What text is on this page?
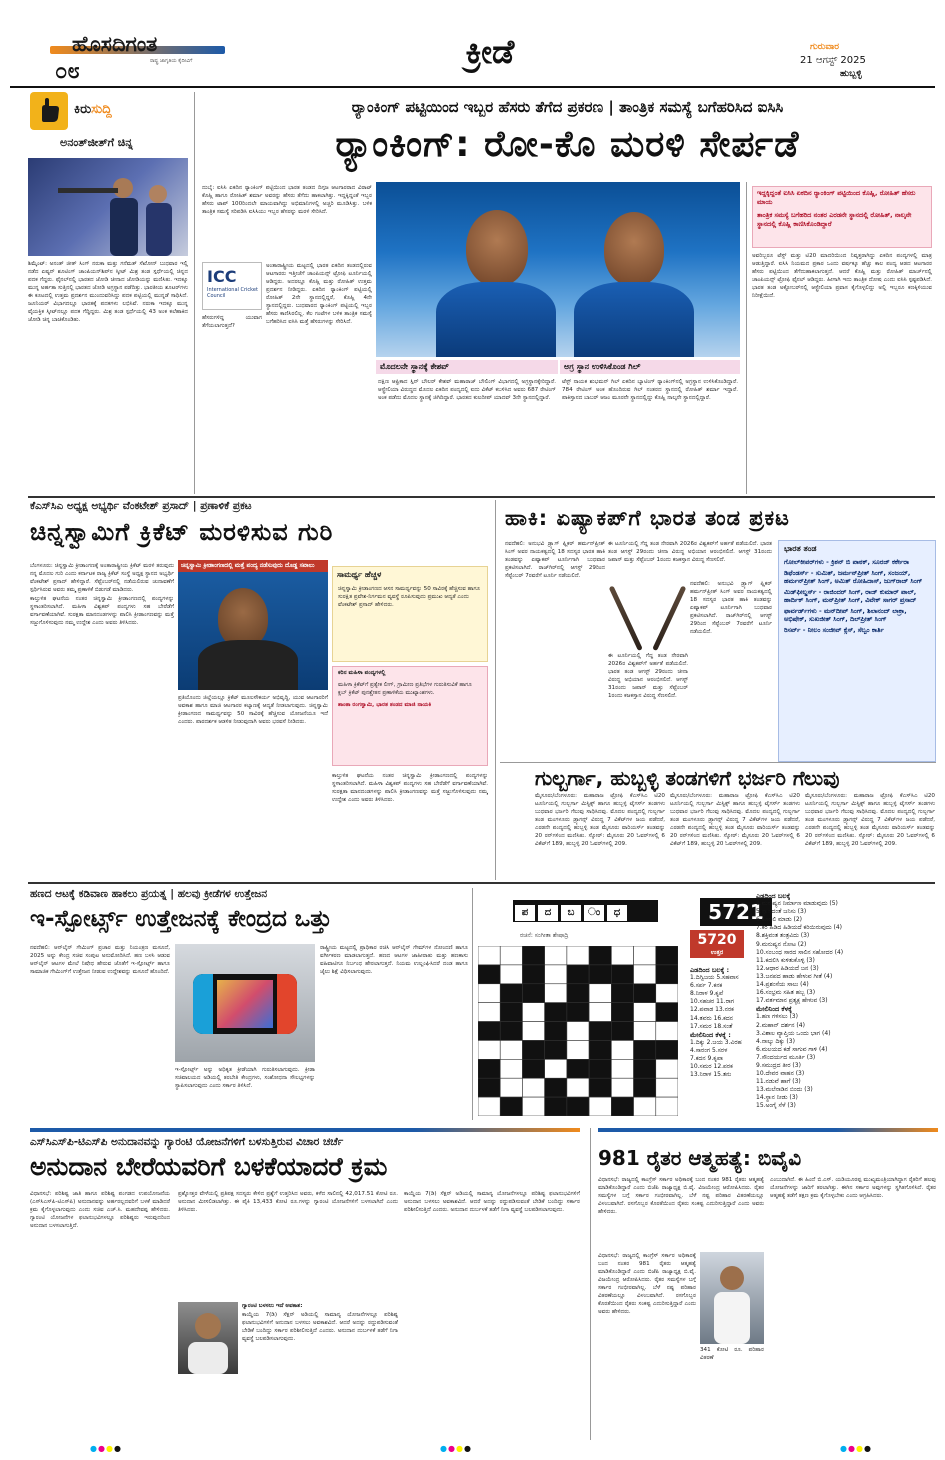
ಹೊಸದಿಗಂತ
ರಾಷ್ಟ್ರ ಜಾಗೃತಿಯ ಕೈದೀವಿಗೆ
೦೮
ಕ್ರೀಡೆ	ಗುರುವಾರ
21 ಆಗಸ್ಟ್ 2025
ಹುಬ್ಬಳ್ಳಿ
ಕಿರುಸುದ್ದಿ
ಅನಂತ್‌ಜೀತ್‌ಗೆ ಚಿನ್ನ
ಶಿಮ್ಕೆಂಟ್: ಅನಂತ್ ಜೀತ್ ಸಿಂಗ್ ನರುಕಾ ಮತ್ತು ಗನೆಮತ್ ಸೆಖೋನ್ ಬುಧವಾರ ಇಲ್ಲಿ ನಡೆದ ಏಷ್ಯನ್ ಶೂಟಿಂಗ್ ಚಾಂಪಿಯನ್‌ಶಿಪ್‌ನ ಸ್ಕೀಟ್ ಮಿಶ್ರ ತಂಡ ಸ್ಪರ್ಧೆಯಲ್ಲಿ ಚಿನ್ನದ ಪದಕ ಗೆದ್ದರು. ಫೈನಲ್‌ನಲ್ಲಿ ಭಾರತದ ಜೋಡಿ ಚೀನಾದ ಜೋಡಿಯನ್ನು ಮಣಿಸಿತು. ಇದಕ್ಕೂ ಮುನ್ನ ಅರ್ಹತಾ ಸುತ್ತಿನಲ್ಲಿ ಭಾರತದ ಜೋಡಿ ಅಗ್ರಸ್ಥಾನ ಪಡೆದಿತ್ತು. ಭಾರತೀಯ ಶೂಟರ್‌ಗಳು ಈ ಕೂಟದಲ್ಲಿ ಉತ್ತಮ ಪ್ರದರ್ಶನ ಮುಂದುವರಿಸಿದ್ದು ಪದಕ ಪಟ್ಟಿಯಲ್ಲಿ ಮುನ್ನಡೆ ಸಾಧಿಸಿದೆ. ಜೂನಿಯರ್ ವಿಭಾಗದಲ್ಲೂ ಭಾರತಕ್ಕೆ ಪದಕಗಳು ಲಭಿಸಿವೆ. ನರುಕಾ ಇದಕ್ಕೂ ಮುನ್ನ ವೈಯಕ್ತಿಕ ಸ್ಕೀಟ್‌ನಲ್ಲೂ ಪದಕ ಗೆದ್ದಿದ್ದರು. ಮಿಶ್ರ ತಂಡ ಸ್ಪರ್ಧೆಯಲ್ಲಿ 43 ಅಂಕ ಕಲೆಹಾಕಿದ ಜೋಡಿ ಚಿನ್ನ ಬಾಚಿಕೊಂಡಿತು.
ರ‍್ಯಾಂಕಿಂಗ್ ಪಟ್ಟಿಯಿಂದ ಇಬ್ಬರ ಹೆಸರು ತೆಗೆದ ಪ್ರಕರಣ | ತಾಂತ್ರಿಕ ಸಮಸ್ಯೆ ಬಗೆಹರಿಸಿದ ಐಸಿಸಿ
ರ‍್ಯಾಂಕಿಂಗ್: ರೋ-ಕೊ ಮರಳಿ ಸೇರ್ಪಡೆ
ದುಬೈ: ಐಸಿಸಿ ಏಕದಿನ ರ‍್ಯಾಂಕಿಂಗ್ ಪಟ್ಟಿಯಿಂದ ಭಾರತ ತಂಡದ ದಿಗ್ಗಜ ಆಟಗಾರರಾದ ವಿರಾಟ್ ಕೊಹ್ಲಿ ಹಾಗೂ ರೋಹಿತ್ ಶರ್ಮಾ ಅವರನ್ನು ಹೆಸರು ತೆಗೆದು ಹಾಕಲಾಗಿತ್ತು. ಇದ್ದಕ್ಕಿದ್ದಂತೆ ಇಬ್ಬರ ಹೆಸರು ಟಾಪ್ 100ರಿಂದಲೇ ಮಾಯವಾಗಿದ್ದು ಅಭಿಮಾನಿಗಳಲ್ಲಿ ಅಚ್ಚರಿ ಮೂಡಿಸಿತ್ತು. ಬಳಿಕ ತಾಂತ್ರಿಕ ಸಮಸ್ಯೆ ಸರಿಪಡಿಸಿ ಐಸಿಸಿಯು ಇಬ್ಬರ ಹೆಸರನ್ನು ಮರಳಿ ಸೇರಿಸಿದೆ.
ICC
International Cricket Council
ಅಂತಾರಾಷ್ಟ್ರೀಯ ಮಟ್ಟದಲ್ಲಿ ಭಾರತ ಏಕದಿನ ತಂಡದಲ್ಲಿರುವ ಆಟಗಾರರು ಇತ್ತೀಚೆಗೆ ಚಾಂಪಿಯನ್ಸ್ ಟ್ರೋಫಿ ಟೂರ್ನಿಯಲ್ಲಿ ಆಡಿದ್ದರು. ಅದರಲ್ಲೂ ಕೊಹ್ಲಿ ಮತ್ತು ರೋಹಿತ್ ಉತ್ತಮ ಪ್ರದರ್ಶನ ನೀಡಿದ್ದರು. ಏಕದಿನ ರ‍್ಯಾಂಕಿಂಗ್ ಪಟ್ಟಿಯಲ್ಲಿ ರೋಹಿತ್ 2ನೇ ಸ್ಥಾನದಲ್ಲಿದ್ದರೆ, ಕೊಹ್ಲಿ 4ನೇ ಸ್ಥಾನದಲ್ಲಿದ್ದರು. ಬುಧವಾರದ ರ‍್ಯಾಂಕಿಂಗ್ ಪಟ್ಟಿಯಲ್ಲಿ ಇಬ್ಬರ ಹೆಸರು ಕಾಣಿಸಿರಲಿಲ್ಲ. ಕೆಲ ಗಂಟೆಗಳ ಬಳಿಕ ತಾಂತ್ರಿಕ ಸಮಸ್ಯೆ ಬಗೆಹರಿಸಿದ ಐಸಿಸಿ ಮತ್ತೆ ಹೆಸರುಗಳನ್ನು ಸೇರಿಸಿದೆ.
ಹೆಸರುಗಳಿದ್ದ ಯುವಾಗ ತೆಗೆಯಲಾಗುತ್ತದೆ?
ಮೊದಲನೇ ಸ್ಥಾನಕ್ಕೆ ಕೇಶವ್	ಅಗ್ರ ಸ್ಥಾನ ಉಳಿಸಿಕೊಂಡ ಗಿಲ್
ದಕ್ಷಿಣ ಆಫ್ರಿಕಾದ ಸ್ಪಿನ್ ಬೌಲರ್ ಕೇಶವ್ ಮಹಾರಾಜ್ ಬೌಲಿಂಗ್ ವಿಭಾಗದಲ್ಲಿ ಅಗ್ರಸ್ಥಾನಕ್ಕೇರಿದ್ದಾರೆ. ಆಸ್ಟ್ರೇಲಿಯಾ ವಿರುದ್ಧದ ಮೊದಲ ಏಕದಿನ ಪಂದ್ಯದಲ್ಲಿ ಐದು ವಿಕೆಟ್ ಕಬಳಿಸಿದ ಅವರು 687 ರೇಟಿಂಗ್ ಅಂಕ ಪಡೆದು ಮೊದಲ ಸ್ಥಾನಕ್ಕೆ ಜಿಗಿದಿದ್ದಾರೆ. ಭಾರತದ ಕುಲದೀಪ್ ಯಾದವ್ 3ನೇ ಸ್ಥಾನದಲ್ಲಿದ್ದಾರೆ.
ಟೆಸ್ಟ್ ನಾಯಕ ಶುಭಮನ್ ಗಿಲ್ ಏಕದಿನ ಬ್ಯಾಟಿಂಗ್ ರ‍್ಯಾಂಕಿಂಗ್‌ನಲ್ಲಿ ಅಗ್ರಸ್ಥಾನ ಉಳಿಸಿಕೊಂಡಿದ್ದಾರೆ. 784 ರೇಟಿಂಗ್ ಅಂಕ ಹೊಂದಿರುವ ಗಿಲ್ ನಂತರದ ಸ್ಥಾನದಲ್ಲಿ ರೋಹಿತ್ ಶರ್ಮಾ ಇದ್ದಾರೆ. ಪಾಕಿಸ್ತಾನದ ಬಾಬರ್ ಆಜಂ ಮೂರನೇ ಸ್ಥಾನದಲ್ಲಿದ್ದು ಕೊಹ್ಲಿ ನಾಲ್ಕನೇ ಸ್ಥಾನದಲ್ಲಿದ್ದಾರೆ.
ಇದ್ದಕ್ಕಿದ್ದಂತೆ ಐಸಿಸಿ ಏಕದಿನ ರ‍್ಯಾಂಕಿಂಗ್ ಪಟ್ಟಿಯಿಂದ ಕೊಹ್ಲಿ, ರೋಹಿತ್ ಹೆಸರು ಮಾಯ
ತಾಂತ್ರಿಕ ಸಮಸ್ಯೆ ಬಗೆಹರಿದ ನಂತರ ಎರಡನೇ ಸ್ಥಾನದಲ್ಲಿ ರೋಹಿತ್, ನಾಲ್ಕನೇ ಸ್ಥಾನದಲ್ಲಿ ಕೊಹ್ಲಿ ಕಾಣಿಸಿಕೊಂಡಿದ್ದಾರೆ
ಅವರಿಬ್ಬರೂ ಟೆಸ್ಟ್ ಮತ್ತು ಟಿ20 ಮಾದರಿಯಿಂದ ನಿವೃತ್ತರಾಗಿದ್ದು ಏಕದಿನ ಪಂದ್ಯಗಳಲ್ಲಿ ಮಾತ್ರ ಆಡುತ್ತಿದ್ದಾರೆ. ಐಸಿಸಿ ನಿಯಮದ ಪ್ರಕಾರ ಒಂದು ವರ್ಷಕ್ಕೂ ಹೆಚ್ಚು ಕಾಲ ಪಂದ್ಯ ಆಡದ ಆಟಗಾರರ ಹೆಸರು ಪಟ್ಟಿಯಿಂದ ತೆಗೆದುಹಾಕಲಾಗುತ್ತದೆ. ಆದರೆ ಕೊಹ್ಲಿ ಮತ್ತು ರೋಹಿತ್ ಮಾರ್ಚ್‌ನಲ್ಲಿ ಚಾಂಪಿಯನ್ಸ್ ಟ್ರೋಫಿ ಫೈನಲ್ ಆಡಿದ್ದರು. ಹೀಗಾಗಿ ಇದು ತಾಂತ್ರಿಕ ದೋಷ ಎಂದು ಐಸಿಸಿ ಸ್ಪಷ್ಟಪಡಿಸಿದೆ. ಭಾರತ ತಂಡ ಅಕ್ಟೋಬರ್‌ನಲ್ಲಿ ಆಸ್ಟ್ರೇಲಿಯಾ ಪ್ರವಾಸ ಕೈಗೊಳ್ಳಲಿದ್ದು ಅಲ್ಲಿ ಇಬ್ಬರೂ ಕಣಕ್ಕಿಳಿಯುವ ನಿರೀಕ್ಷೆಯಿದೆ.
ಕೆಎಸ್‌ಸಿಎ ಅಧ್ಯಕ್ಷ ಅಭ್ಯರ್ಥಿ ವೆಂಕಟೇಶ್ ಪ್ರಸಾದ್ | ಪ್ರಣಾಳಿಕೆ ಪ್ರಕಟ
ಚಿನ್ನಸ್ವಾಮಿಗೆ ಕ್ರಿಕೆಟ್ ಮರಳಿಸುವ ಗುರಿ

ಬೆಂಗಳೂರು: ಚಿನ್ನಸ್ವಾಮಿ ಕ್ರೀಡಾಂಗಣಕ್ಕೆ ಅಂತಾರಾಷ್ಟ್ರೀಯ ಕ್ರಿಕೆಟ್ ಮರಳಿ ತರುವುದು ನನ್ನ ಮೊದಲ ಗುರಿ ಎಂದು ಕರ್ನಾಟಕ ರಾಜ್ಯ ಕ್ರಿಕೆಟ್ ಸಂಸ್ಥೆ ಅಧ್ಯಕ್ಷ ಸ್ಥಾನದ ಅಭ್ಯರ್ಥಿ ವೆಂಕಟೇಶ್ ಪ್ರಸಾದ್ ಹೇಳಿದ್ದಾರೆ. ಸೆಪ್ಟೆಂಬರ್‌ನಲ್ಲಿ ನಡೆಯಲಿರುವ ಚುನಾವಣೆಗೆ ಸ್ಪರ್ಧಿಸಿರುವ ಅವರು ತಮ್ಮ ಪ್ರಣಾಳಿಕೆ ಬಿಡುಗಡೆ ಮಾಡಿದರು.

ಕಾಲ್ತುಳಿತ ಘಟನೆಯ ನಂತರ ಚಿನ್ನಸ್ವಾಮಿ ಕ್ರೀಡಾಂಗಣದಲ್ಲಿ ಪಂದ್ಯಗಳನ್ನು ಸ್ಥಳಾಂತರಿಸಲಾಗಿದೆ. ಮಹಿಳಾ ವಿಶ್ವಕಪ್ ಪಂದ್ಯಗಳು ಸಹ ಬೇರೆಡೆಗೆ ವರ್ಗಾವಣೆಯಾಗಿವೆ. ಸುರಕ್ಷತಾ ಮಾನದಂಡಗಳನ್ನು ಪಾಲಿಸಿ ಕ್ರೀಡಾಂಗಣವನ್ನು ಮತ್ತೆ ಸಜ್ಜುಗೊಳಿಸುವುದು ನಮ್ಮ ಉದ್ದೇಶ ಎಂದು ಅವರು ತಿಳಿಸಿದರು.

ಚಿನ್ನಸ್ವಾಮಿ ಕ್ರೀಡಾಂಗಣದಲ್ಲಿ ಮತ್ತೆ ಪಂದ್ಯ ನಡೆಸುವುದು ದೊಡ್ಡ ಸವಾಲು
ಪ್ರತಿಯೊಂದು ಜಿಲ್ಲೆಯಲ್ಲೂ ಕ್ರಿಕೆಟ್ ಮೂಲಸೌಕರ್ಯ ಅಭಿವೃದ್ಧಿ, ಯುವ ಆಟಗಾರರಿಗೆ ಅವಕಾಶ ಹಾಗೂ ಮಾಜಿ ಆಟಗಾರರ ಕಲ್ಯಾಣಕ್ಕೆ ಆದ್ಯತೆ ನೀಡಲಾಗುವುದು. ಚಿನ್ನಸ್ವಾಮಿ ಕ್ರೀಡಾಂಗಣದ ಸಾಮರ್ಥ್ಯವನ್ನು 50 ಸಾವಿರಕ್ಕೆ ಹೆಚ್ಚಿಸುವ ಯೋಜನೆಯೂ ಇದೆ ಎಂದರು. ಪಾರದರ್ಶಕ ಆಡಳಿತ ನೀಡುವುದಾಗಿ ಅವರು ಭರವಸೆ ನೀಡಿದರು.
ಸಾಮರ್ಥ್ಯ ಹೆಚ್ಚಳ
ಚಿನ್ನಸ್ವಾಮಿ ಕ್ರೀಡಾಂಗಣದ ಆಸನ ಸಾಮರ್ಥ್ಯವನ್ನು 50 ಸಾವಿರಕ್ಕೆ ಹೆಚ್ಚಿಸುವ ಹಾಗೂ ಸುರಕ್ಷಿತ ಪ್ರವೇಶ-ನಿರ್ಗಮನ ವ್ಯವಸ್ಥೆ ರೂಪಿಸುವುದು ಪ್ರಮುಖ ಆದ್ಯತೆ ಎಂದು ವೆಂಕಟೇಶ್ ಪ್ರಸಾದ್ ಹೇಳಿದರು.
ಕರಿನ ಮಹಿಳಾ ಪಂದ್ಯಗಳಲ್ಲಿ
ಮಹಿಳಾ ಕ್ರಿಕೆಟ್‌ಗೆ ಪ್ರತ್ಯೇಕ ಲೀಗ್, ಗ್ರಾಮೀಣ ಪ್ರತಿಭೆಗಳ ಗುರುತಿಸುವಿಕೆ ಹಾಗೂ ಕ್ಲಬ್ ಕ್ರಿಕೆಟ್ ಪುನಶ್ಚೇತನ ಪ್ರಣಾಳಿಕೆಯ ಮುಖ್ಯಾಂಶಗಳು.
ಶಾಂತಾ ರಂಗಸ್ವಾಮಿ, ಭಾರತ ತಂಡದ ಮಾಜಿ ನಾಯಕಿ
ಕಾಲ್ತುಳಿತ ಘಟನೆಯ ನಂತರ ಚಿನ್ನಸ್ವಾಮಿ ಕ್ರೀಡಾಂಗಣದಲ್ಲಿ ಪಂದ್ಯಗಳನ್ನು ಸ್ಥಳಾಂತರಿಸಲಾಗಿದೆ. ಮಹಿಳಾ ವಿಶ್ವಕಪ್ ಪಂದ್ಯಗಳು ಸಹ ಬೇರೆಡೆಗೆ ವರ್ಗಾವಣೆಯಾಗಿವೆ. ಸುರಕ್ಷತಾ ಮಾನದಂಡಗಳನ್ನು ಪಾಲಿಸಿ ಕ್ರೀಡಾಂಗಣವನ್ನು ಮತ್ತೆ ಸಜ್ಜುಗೊಳಿಸುವುದು ನಮ್ಮ ಉದ್ದೇಶ ಎಂದು ಅವರು ತಿಳಿಸಿದರು.
ಹಾಕಿ: ಏಷ್ಯಾಕಪ್‌ಗೆ ಭಾರತ ತಂಡ ಪ್ರಕಟ
ನವದೆಹಲಿ: ಅನುಭವಿ ಡ್ರ್ಯಾಗ್ ಫ್ಲಿಕರ್ ಹರ್ಮನ್‌ಪ್ರೀತ್ ಸಿಂಗ್ ಅವರ ನಾಯಕತ್ವದಲ್ಲಿ 18 ಸದಸ್ಯರ ಭಾರತ ಹಾಕಿ ತಂಡವನ್ನು ಏಷ್ಯಾಕಪ್ ಟೂರ್ನಿಗಾಗಿ ಬುಧವಾರ ಪ್ರಕಟಿಸಲಾಗಿದೆ. ರಾಜ್‌ಗಿರ್‌ನಲ್ಲಿ ಆಗಸ್ಟ್ 29ರಿಂದ ಸೆಪ್ಟೆಂಬರ್ 7ರವರೆಗೆ ಟೂರ್ನಿ ನಡೆಯಲಿದೆ.
ಈ ಟೂರ್ನಿಯಲ್ಲಿ ಗೆದ್ದ ತಂಡ ನೇರವಾಗಿ 2026ರ ವಿಶ್ವಕಪ್‌ಗೆ ಅರ್ಹತೆ ಪಡೆಯಲಿದೆ. ಭಾರತ ತಂಡ ಆಗಸ್ಟ್ 29ರಂದು ಚೀನಾ ವಿರುದ್ಧ ಅಭಿಯಾನ ಆರಂಭಿಸಲಿದೆ. ಆಗಸ್ಟ್ 31ರಂದು ಜಪಾನ್ ಮತ್ತು ಸೆಪ್ಟೆಂಬರ್ 1ರಂದು ಕಜಕಸ್ತಾನ ವಿರುದ್ಧ ಸೆಣಸಲಿದೆ.
ನವದೆಹಲಿ: ಅನುಭವಿ ಡ್ರ್ಯಾಗ್ ಫ್ಲಿಕರ್ ಹರ್ಮನ್‌ಪ್ರೀತ್ ಸಿಂಗ್ ಅವರ ನಾಯಕತ್ವದಲ್ಲಿ 18 ಸದಸ್ಯರ ಭಾರತ ಹಾಕಿ ತಂಡವನ್ನು ಏಷ್ಯಾಕಪ್ ಟೂರ್ನಿಗಾಗಿ ಬುಧವಾರ ಪ್ರಕಟಿಸಲಾಗಿದೆ. ರಾಜ್‌ಗಿರ್‌ನಲ್ಲಿ ಆಗಸ್ಟ್ 29ರಿಂದ ಸೆಪ್ಟೆಂಬರ್ 7ರವರೆಗೆ ಟೂರ್ನಿ ನಡೆಯಲಿದೆ.
ಈ ಟೂರ್ನಿಯಲ್ಲಿ ಗೆದ್ದ ತಂಡ ನೇರವಾಗಿ 2026ರ ವಿಶ್ವಕಪ್‌ಗೆ ಅರ್ಹತೆ ಪಡೆಯಲಿದೆ. ಭಾರತ ತಂಡ ಆಗಸ್ಟ್ 29ರಂದು ಚೀನಾ ವಿರುದ್ಧ ಅಭಿಯಾನ ಆರಂಭಿಸಲಿದೆ. ಆಗಸ್ಟ್ 31ರಂದು ಜಪಾನ್ ಮತ್ತು ಸೆಪ್ಟೆಂಬರ್ 1ರಂದು ಕಜಕಸ್ತಾನ ವಿರುದ್ಧ ಸೆಣಸಲಿದೆ.
ಭಾರತ ತಂಡ
ಗೋಲ್‌ಕೀಪರ್‌ಗಳು - ಕ್ರಿಶನ್ ಬಿ ಪಾಠಕ್, ಸೂರಜ್ ಕರ್ಕೇರಾ
ಡಿಫೆಂಡರ್ಸ್ - ಸುಮಿತ್, ಜರ್ಮನ್‌ಪ್ರೀತ್ ಸಿಂಗ್, ಸಂಜಯ್, ಹರ್ಮನ್‌ಪ್ರೀತ್ ಸಿಂಗ್, ಅಮಿತ್ ರೋಹಿದಾಸ್, ಜುಗ್‌ರಾಜ್ ಸಿಂಗ್
ಮಿಡ್‌ಫೀಲ್ಡರ್ಸ್ - ರಾಜಿಂದರ್ ಸಿಂಗ್, ರಾಜ್ ಕುಮಾರ್ ಪಾಲ್, ಹಾರ್ದಿಕ್ ಸಿಂಗ್, ಮನ್‌ಪ್ರೀತ್ ಸಿಂಗ್, ವಿವೇಕ್ ಸಾಗರ್ ಪ್ರಸಾದ್
ಫಾರ್ವರ್ಡ್‌ಗಳು - ಮನ್‌ದೀಪ್ ಸಿಂಗ್, ಶಿಲಾನಂದ್ ಲಾಕ್ರಾ, ಅಭಿಷೇಕ್, ಸುಖಜೀತ್ ಸಿಂಗ್, ದಿಲ್‌ಪ್ರೀತ್ ಸಿಂಗ್
ರಿಸರ್ವ್ - ನೀಲಂ ಸಂಜೀವ್ ಕ್ಸೆಸ್, ಸೆಲ್ವಂ ಕಾರ್ತಿ
ಗುಲ್ಬರ್ಗಾ, ಹುಬ್ಬಳ್ಳಿ ತಂಡಗಳಿಗೆ ಭರ್ಜರಿ ಗೆಲುವು
ಮೈಸೂರು/ಬೆಂಗಳೂರು: ಮಹಾರಾಜ ಟ್ರೋಫಿ ಕೆಎಸ್‌ಸಿಎ ಟಿ20 ಟೂರ್ನಿಯಲ್ಲಿ ಗುಲ್ಬರ್ಗಾ ಮಿಸ್ಟಿಕ್ಸ್ ಹಾಗೂ ಹುಬ್ಬಳ್ಳಿ ಟೈಗರ್ಸ್ ತಂಡಗಳು ಬುಧವಾರ ಭರ್ಜರಿ ಗೆಲುವು ಸಾಧಿಸಿದವು. ಮೊದಲ ಪಂದ್ಯದಲ್ಲಿ ಗುಲ್ಬರ್ಗಾ ತಂಡ ಮಂಗಳೂರು ಡ್ರ್ಯಾಗನ್ಸ್ ವಿರುದ್ಧ 7 ವಿಕೆಟ್‌ಗಳ ಜಯ ಪಡೆದರೆ, ಎರಡನೇ ಪಂದ್ಯದಲ್ಲಿ ಹುಬ್ಬಳ್ಳಿ ತಂಡ ಮೈಸೂರು ವಾರಿಯರ್ಸ್ ತಂಡವನ್ನು 20 ರನ್‌ಗಳಿಂದ ಮಣಿಸಿತು. ಸ್ಕೋರ್: ಮೈಸೂರು 20 ಓವರ್‌ಗಳಲ್ಲಿ 6 ವಿಕೆಟ್‌ಗೆ 189, ಹುಬ್ಬಳ್ಳಿ 20 ಓವರ್‌ಗಳಲ್ಲಿ 209.
ಮೈಸೂರು/ಬೆಂಗಳೂರು: ಮಹಾರಾಜ ಟ್ರೋಫಿ ಕೆಎಸ್‌ಸಿಎ ಟಿ20 ಟೂರ್ನಿಯಲ್ಲಿ ಗುಲ್ಬರ್ಗಾ ಮಿಸ್ಟಿಕ್ಸ್ ಹಾಗೂ ಹುಬ್ಬಳ್ಳಿ ಟೈಗರ್ಸ್ ತಂಡಗಳು ಬುಧವಾರ ಭರ್ಜರಿ ಗೆಲುವು ಸಾಧಿಸಿದವು. ಮೊದಲ ಪಂದ್ಯದಲ್ಲಿ ಗುಲ್ಬರ್ಗಾ ತಂಡ ಮಂಗಳೂರು ಡ್ರ್ಯಾಗನ್ಸ್ ವಿರುದ್ಧ 7 ವಿಕೆಟ್‌ಗಳ ಜಯ ಪಡೆದರೆ, ಎರಡನೇ ಪಂದ್ಯದಲ್ಲಿ ಹುಬ್ಬಳ್ಳಿ ತಂಡ ಮೈಸೂರು ವಾರಿಯರ್ಸ್ ತಂಡವನ್ನು 20 ರನ್‌ಗಳಿಂದ ಮಣಿಸಿತು. ಸ್ಕೋರ್: ಮೈಸೂರು 20 ಓವರ್‌ಗಳಲ್ಲಿ 6 ವಿಕೆಟ್‌ಗೆ 189, ಹುಬ್ಬಳ್ಳಿ 20 ಓವರ್‌ಗಳಲ್ಲಿ 209.
ಮೈಸೂರು/ಬೆಂಗಳೂರು: ಮಹಾರಾಜ ಟ್ರೋಫಿ ಕೆಎಸ್‌ಸಿಎ ಟಿ20 ಟೂರ್ನಿಯಲ್ಲಿ ಗುಲ್ಬರ್ಗಾ ಮಿಸ್ಟಿಕ್ಸ್ ಹಾಗೂ ಹುಬ್ಬಳ್ಳಿ ಟೈಗರ್ಸ್ ತಂಡಗಳು ಬುಧವಾರ ಭರ್ಜರಿ ಗೆಲುವು ಸಾಧಿಸಿದವು. ಮೊದಲ ಪಂದ್ಯದಲ್ಲಿ ಗುಲ್ಬರ್ಗಾ ತಂಡ ಮಂಗಳೂರು ಡ್ರ್ಯಾಗನ್ಸ್ ವಿರುದ್ಧ 7 ವಿಕೆಟ್‌ಗಳ ಜಯ ಪಡೆದರೆ, ಎರಡನೇ ಪಂದ್ಯದಲ್ಲಿ ಹುಬ್ಬಳ್ಳಿ ತಂಡ ಮೈಸೂರು ವಾರಿಯರ್ಸ್ ತಂಡವನ್ನು 20 ರನ್‌ಗಳಿಂದ ಮಣಿಸಿತು. ಸ್ಕೋರ್: ಮೈಸೂರು 20 ಓವರ್‌ಗಳಲ್ಲಿ 6 ವಿಕೆಟ್‌ಗೆ 189, ಹುಬ್ಬಳ್ಳಿ 20 ಓವರ್‌ಗಳಲ್ಲಿ 209.
ಹಣದ ಆಟಕ್ಕೆ ಕಡಿವಾಣ ಹಾಕಲು ಪ್ರಯತ್ನ | ಹಲವು ಕ್ರೀಡೆಗಳ ಉತ್ತೇಜನ
ಇ-ಸ್ಪೋರ್ಟ್ಸ್ ಉತ್ತೇಜನಕ್ಕೆ ಕೇಂದ್ರದ ಒತ್ತು
ನವದೆಹಲಿ: ಆನ್‌ಲೈನ್ ಗೇಮಿಂಗ್ ಪ್ರಚಾರ ಮತ್ತು ನಿಯಂತ್ರಣ ಮಸೂದೆ, 2025 ಅನ್ನು ಕೇಂದ್ರ ಸಚಿವ ಸಂಪುಟ ಅನುಮೋದಿಸಿದೆ. ಹಣ ಬಳಸಿ ಆಡುವ ಆನ್‌ಲೈನ್ ಆಟಗಳ ಮೇಲೆ ನಿಷೇಧ ಹೇರುವ ಜೊತೆಗೆ ಇ-ಸ್ಪೋರ್ಟ್ಸ್ ಹಾಗೂ ಸಾಮಾಜಿಕ ಗೇಮಿಂಗ್‌ಗೆ ಉತ್ತೇಜನ ನೀಡುವ ಉದ್ದೇಶವನ್ನು ಮಸೂದೆ ಹೊಂದಿದೆ.
ಇ-ಸ್ಪೋರ್ಟ್ಸ್ ಅನ್ನು ಅಧಿಕೃತ ಕ್ರೀಡೆಯಾಗಿ ಗುರುತಿಸಲಾಗುವುದು. ಕ್ರೀಡಾ ಸಚಿವಾಲಯದ ಅಡಿಯಲ್ಲಿ ತರಬೇತಿ ಕೇಂದ್ರಗಳು, ಸಂಶೋಧನಾ ಸೌಲಭ್ಯಗಳನ್ನು ಸ್ಥಾಪಿಸಲಾಗುವುದು ಎಂದು ಸರ್ಕಾರ ತಿಳಿಸಿದೆ.
ರಾಷ್ಟ್ರೀಯ ಮಟ್ಟದಲ್ಲಿ ಪ್ರಾಧಿಕಾರ ರಚಿಸಿ ಆನ್‌ಲೈನ್ ಗೇಮ್‌ಗಳ ನೋಂದಣಿ ಹಾಗೂ ವರ್ಗೀಕರಣ ಮಾಡಲಾಗುತ್ತದೆ. ಹಣದ ಆಟಗಳ ಜಾಹೀರಾತು ಮತ್ತು ಹಣಕಾಸು ವಹಿವಾಟಿಗೂ ನಿರ್ಬಂಧ ಹೇರಲಾಗುತ್ತದೆ. ನಿಯಮ ಉಲ್ಲಂಘಿಸಿದರೆ ದಂಡ ಹಾಗೂ ಜೈಲು ಶಿಕ್ಷೆ ವಿಧಿಸಲಾಗುವುದು.
ಪ ದ ಬ ಂ ಧ
ರಚನೆ: ಸಂಗೀತಾ ಶೇಷಾದ್ರಿ
5721
5720
ಉತ್ತರ
ಎಡದಿಂದ ಬಲಕ್ಕೆ :
1.ದಿಗ್ವಿಜಯ 5.ಸಹವಾಸ
6.ಸರ್ಪ 7.ಕನಕ
8.ನಿರಾಳ 9.ಕೃಪೆ
10.ಸಹಚರ 11.ರಾಗ
12.ಪವಾಡ 13.ನರಕ
14.ತವರು 16.ಕದನ
17.ಸಮರ 18.ಸಂತೆ
ಮೇಲಿನಿಂದ ಕೆಳಕ್ಕೆ :
1.ದಿಕ್ಕು 2.ಜಯ 3.ವಿರಹ
4.ಸಾರಂಗ 5.ಸರಳ
7.ಕದನ 9.ಕೃಪಾ
10.ಸಮರ 12.ಪರಕ
13.ನಿರಾಳ 15.ತನು
ಎಡದಿಂದ ಬಲಕ್ಕೆ
1.ಮನುಷ್ಯನ ನಿರ್ಮಾಣ ಮಾಡುವುದು (5)
5.ಸ್ವಾನದಂತೆ ಜನಿಸು (3)
6.ಕೊಡಲಿ ಮಾಡು (2)
7.ಕರ ಹಿಡಿದ ಹಿಡಿಯದೆ ಕರಿಯಿರುವುದು (4)
8.ಶಕ್ತಿವಂತ ತಂತ್ರವಿದು (3)
9.ಮನುಷ್ಯನ ನೋಟ (2)
10.ಸಂಬಂಧ ಸಾರದ ಸಾಲಿನ ಸಹೋದರ (4)
11.ಕದಲಿಸಿ ಕುಳಿತುಕೊಳ್ಳಿ (3)
12.ಆಧಾರ ಹಿಡಿಯದೆ ಜನ (3)
13.ಜನಪದ ಹಾಡು ಹೇಳುವ ಗೀತೆ (4)
14.ಪ್ರಶಂಸೆಯ ಸಾಲು (4)
16.ಸಂಭ್ರಮ ಸಹಿತ ಹಬ್ಬ (3)
17.ವರ್ತಮಾನ ಪ್ರತ್ಯಕ್ಷ ಹೇಳುವ (3)
ಮೇಲಿನಿಂದ ಕೆಳಕ್ಕೆ
1.ಹಣ ಗಳಿಸಲು (3)
2.ಮಹಾನ್ ದರ್ಶನ (4)
3.ವಿಶಾಲ ವ್ಯಾಪ್ತಿಯ ಒಂದು ಭಾಗ (4)
4.ನಾಲ್ಕು ದಿಕ್ಕು (3)
6.ಮಲಯದ ಕಡೆ ಸಾಗುವ ಗಾಳಿ (4)
7.ಸೌಂದರ್ಯದ ಮೂರ್ತಿ (3)
9.ಸಮುದ್ರದ ತೀರ (3)
10.ದೇವರ ವಾಹನ (3)
11.ನಡುವೆ ಹಾಗೆ (3)
13.ಮಲೆನಾಡಿನ ಬಿಂದು (3)
14.ಸ್ಥಾನ ನೀಡು (3)
15.ಅಂಗೈ ಸೆಳೆ (3)
ಎಸ್‌ಸಿಎಸ್‌ಪಿ-ಟಿಎಸ್‌ಪಿ ಅನುದಾನವನ್ನು ಗ್ಯಾರಂಟಿ ಯೋಜನೆಗಳಿಗೆ ಬಳಸುತ್ತಿರುವ ವಿಚಾರ ಚರ್ಚೆ
ಅನುದಾನ ಬೇರೆಯವರಿಗೆ ಬಳಕೆಯಾದರೆ ಕ್ರಮ
ವಿಧಾನಸಭೆ: ಪರಿಶಿಷ್ಟ ಜಾತಿ ಹಾಗೂ ಪರಿಶಿಷ್ಟ ಪಂಗಡದ ಉಪಯೋಜನೆಯ (ಎಸ್‌ಸಿಎಸ್‌ಪಿ-ಟಿಎಸ್‌ಪಿ) ಅನುದಾನವನ್ನು ಅರ್ಹರಲ್ಲದವರಿಗೆ ಬಳಕೆ ಮಾಡಿದರೆ ಕ್ರಮ ಕೈಗೊಳ್ಳಲಾಗುವುದು ಎಂದು ಸಚಿವ ಎಚ್.ಸಿ. ಮಹದೇವಪ್ಪ ಹೇಳಿದರು. ಗ್ಯಾರಂಟಿ ಯೋಜನೆಗಳ ಫಲಾನುಭವಿಗಳಲ್ಲೂ ಪರಿಶಿಷ್ಟರು ಇರುವುದರಿಂದ ಅನುದಾನ ಬಳಸಲಾಗುತ್ತಿದೆ.
ಪ್ರಶ್ನೋತ್ತರ ವೇಳೆಯಲ್ಲಿ ಪ್ರತಿಪಕ್ಷ ಸದಸ್ಯರು ಕೇಳಿದ ಪ್ರಶ್ನೆಗೆ ಉತ್ತರಿಸಿದ ಅವರು, ಕಳೆದ ಸಾಲಿನಲ್ಲಿ 42,017.51 ಕೋಟಿ ರೂ. ಅನುದಾನ ಮೀಸಲಿಡಲಾಗಿತ್ತು. ಈ ಪೈಕಿ 13,433 ಕೋಟಿ ರೂ.ಗಳನ್ನು ಗ್ಯಾರಂಟಿ ಯೋಜನೆಗಳಿಗೆ ಬಳಸಲಾಗಿದೆ ಎಂದು ತಿಳಿಸಿದರು.

ಗ್ಯಾರಂಟಿ ಬಳಸಲು ಇದೆ ಅವಕಾಶ:

ಕಾಯ್ದೆಯ 7(ಡಿ) ಸೆಕ್ಷನ್ ಅಡಿಯಲ್ಲಿ ಸಾಮಾನ್ಯ ಯೋಜನೆಗಳಲ್ಲೂ ಪರಿಶಿಷ್ಟ ಫಲಾನುಭವಿಗಳಿಗೆ ಅನುದಾನ ಬಳಸಲು ಅವಕಾಶವಿದೆ. ಆದರೆ ಅದನ್ನು ರದ್ದುಪಡಿಸುವಂತೆ ಬೇಡಿಕೆ ಬಂದಿದ್ದು ಸರ್ಕಾರ ಪರಿಶೀಲಿಸುತ್ತಿದೆ ಎಂದರು. ಅನುದಾನ ದುರ್ಬಳಕೆ ತಡೆಗೆ ನಿಗಾ ವ್ಯವಸ್ಥೆ ಬಲಪಡಿಸಲಾಗುವುದು.

ಕಾಯ್ದೆಯ 7(ಡಿ) ಸೆಕ್ಷನ್ ಅಡಿಯಲ್ಲಿ ಸಾಮಾನ್ಯ ಯೋಜನೆಗಳಲ್ಲೂ ಪರಿಶಿಷ್ಟ ಫಲಾನುಭವಿಗಳಿಗೆ ಅನುದಾನ ಬಳಸಲು ಅವಕಾಶವಿದೆ. ಆದರೆ ಅದನ್ನು ರದ್ದುಪಡಿಸುವಂತೆ ಬೇಡಿಕೆ ಬಂದಿದ್ದು ಸರ್ಕಾರ ಪರಿಶೀಲಿಸುತ್ತಿದೆ ಎಂದರು. ಅನುದಾನ ದುರ್ಬಳಕೆ ತಡೆಗೆ ನಿಗಾ ವ್ಯವಸ್ಥೆ ಬಲಪಡಿಸಲಾಗುವುದು.
981 ರೈತರ ಆತ್ಮಹತ್ಯೆ: ಬಿವೈವಿ
ವಿಧಾನಸಭೆ: ರಾಜ್ಯದಲ್ಲಿ ಕಾಂಗ್ರೆಸ್ ಸರ್ಕಾರ ಅಧಿಕಾರಕ್ಕೆ ಬಂದ ನಂತರ 981 ರೈತರು ಆತ್ಮಹತ್ಯೆ ಮಾಡಿಕೊಂಡಿದ್ದಾರೆ ಎಂದು ಬಿಜೆಪಿ ರಾಜ್ಯಾಧ್ಯಕ್ಷ ಬಿ.ವೈ. ವಿಜಯೇಂದ್ರ ಆರೋಪಿಸಿದರು. ರೈತರ ಸಮಸ್ಯೆಗಳ ಬಗ್ಗೆ ಸರ್ಕಾರ ಗಂಭೀರವಾಗಿಲ್ಲ. ಬೆಳೆ ನಷ್ಟ ಪರಿಹಾರ ವಿತರಣೆಯಲ್ಲೂ ವಿಳಂಬವಾಗಿದೆ. ರಸಗೊಬ್ಬರ ಕೊರತೆಯಿಂದ ರೈತರು ಸಂಕಷ್ಟ ಎದುರಿಸುತ್ತಿದ್ದಾರೆ ಎಂದು ಅವರು ಹೇಳಿದರು.
ವಿಧಾನಸಭೆ: ರಾಜ್ಯದಲ್ಲಿ ಕಾಂಗ್ರೆಸ್ ಸರ್ಕಾರ ಅಧಿಕಾರಕ್ಕೆ ಬಂದ ನಂತರ 981 ರೈತರು ಆತ್ಮಹತ್ಯೆ ಮಾಡಿಕೊಂಡಿದ್ದಾರೆ ಎಂದು ಬಿಜೆಪಿ ರಾಜ್ಯಾಧ್ಯಕ್ಷ ಬಿ.ವೈ. ವಿಜಯೇಂದ್ರ ಆರೋಪಿಸಿದರು. ರೈತರ ಸಮಸ್ಯೆಗಳ ಬಗ್ಗೆ ಸರ್ಕಾರ ಗಂಭೀರವಾಗಿಲ್ಲ. ಬೆಳೆ ನಷ್ಟ ಪರಿಹಾರ ವಿತರಣೆಯಲ್ಲೂ ವಿಳಂಬವಾಗಿದೆ. ರಸಗೊಬ್ಬರ ಕೊರತೆಯಿಂದ ರೈತರು ಸಂಕಷ್ಟ ಎದುರಿಸುತ್ತಿದ್ದಾರೆ ಎಂದು ಅವರು ಹೇಳಿದರು.
341 ಕೋಟಿ ರೂ. ಪರಿಹಾರ ವಿತರಣೆ
ಎಂಬುದಾಗಿದೆ. ಈ ಹಿಂದೆ ಬಿ.ಎಸ್. ಯಡಿಯೂರಪ್ಪ ಮುಖ್ಯಮಂತ್ರಿಯಾಗಿದ್ದಾಗ ರೈತರಿಗೆ ಹಲವು ಯೋಜನೆಗಳನ್ನು ಜಾರಿಗೆ ತರಲಾಗಿತ್ತು. ಈಗಿನ ಸರ್ಕಾರ ಅವುಗಳನ್ನು ಸ್ಥಗಿತಗೊಳಿಸಿದೆ. ರೈತರ ಆತ್ಮಹತ್ಯೆ ತಡೆಗೆ ತಕ್ಷಣ ಕ್ರಮ ಕೈಗೊಳ್ಳಬೇಕು ಎಂದು ಆಗ್ರಹಿಸಿದರು.
●●●●	●●●●	●●●●
